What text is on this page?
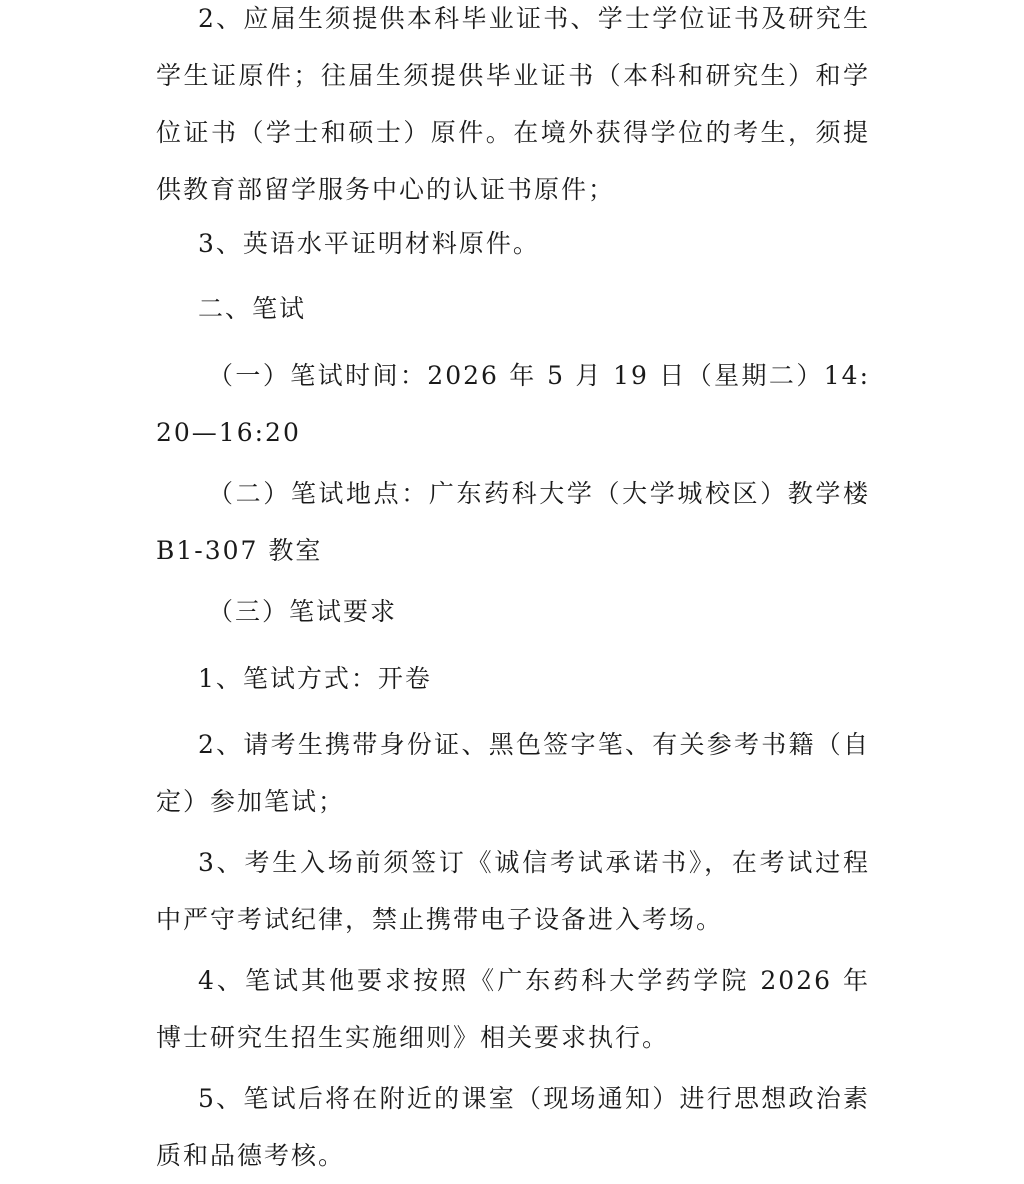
2、应届生须提供本科毕业证书、学士学位证书及研究生学生证原件；往届生须提供毕业证书（本科和研究生）和学位证书（学士和硕士）原件。在境外获得学位的考生，须提供教育部留学服务中心的认证书原件；

3、英语水平证明材料原件。

二、笔试

（一）笔试时间：2026 年 5 月 19 日（星期二）14:20—16:20

（二）笔试地点：广东药科大学（大学城校区）教学楼 B1-307 教室

（三）笔试要求

1、笔试方式：开卷

2、请考生携带身份证、黑色签字笔、有关参考书籍（自定）参加笔试；

3、考生入场前须签订《诚信考试承诺书》，在考试过程中严守考试纪律，禁止携带电子设备进入考场。

4、笔试其他要求按照《广东药科大学药学院 2026 年博士研究生招生实施细则》相关要求执行。

5、笔试后将在附近的课室（现场通知）进行思想政治素质和品德考核。
